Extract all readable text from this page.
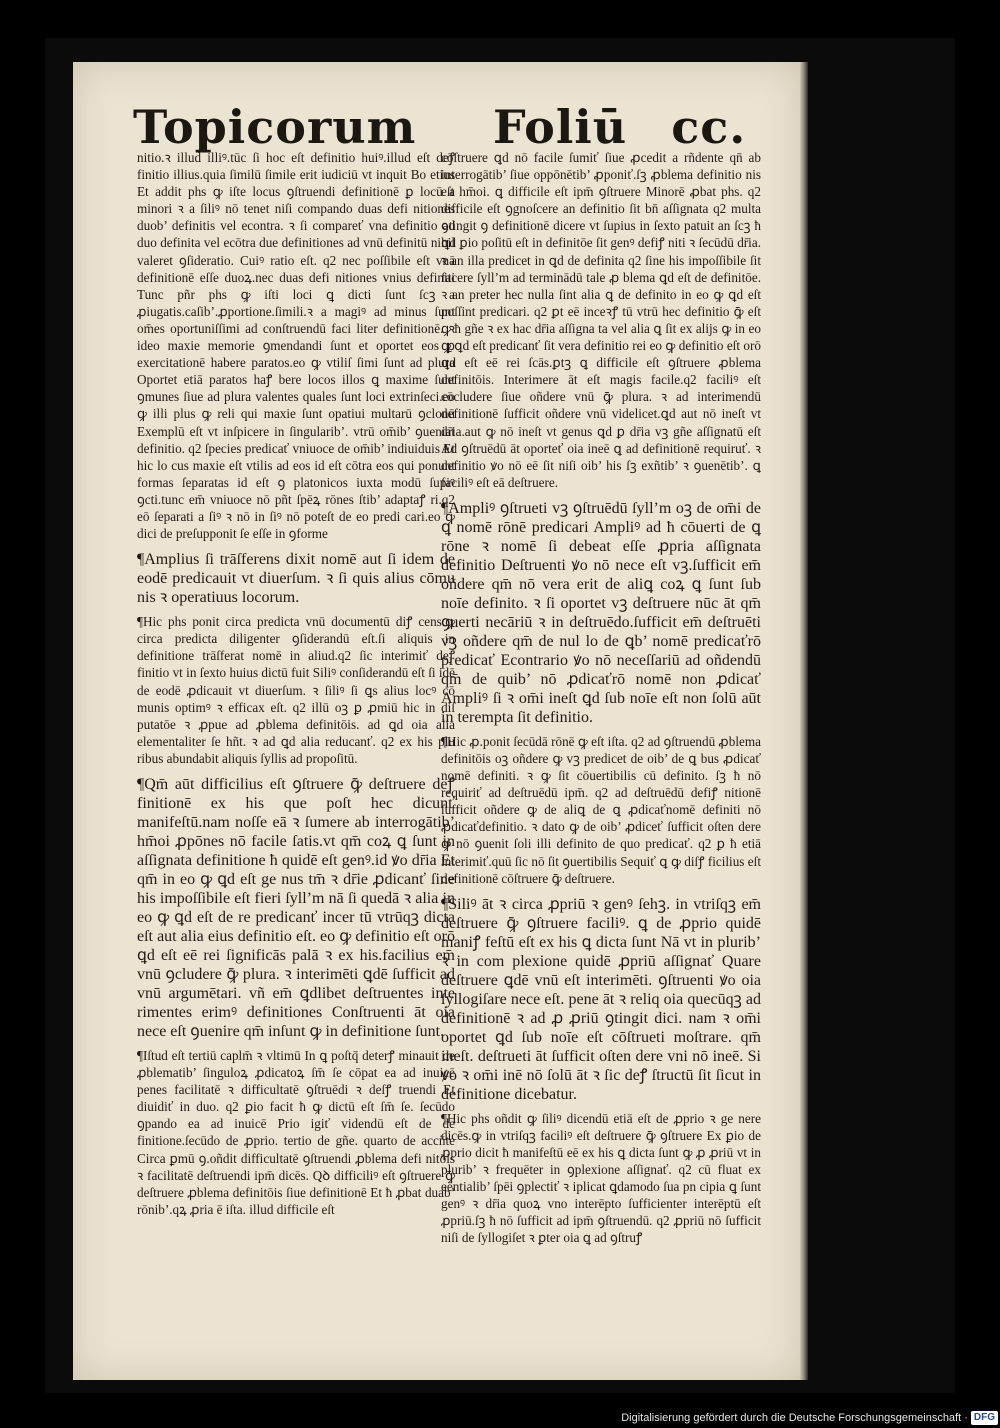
Topicorum Foliū cc.

nitio.ꝛ illud illiꝰ.tūc ſi hoc eſt definitio huiꝰ.illud eſt deꝭ finitio illius.quia ſimilū ſimile erit iudiciū vt inquit Bo etius Et addit phs ꝙ iſte locus ꝯſtruendi definitionē ꝑ locū a minori ꝛ a ſiliꝰ nō tenet niſi compando duas defi nitiones duob’ definitis vel econtra. ꝛ ſi compareť vna definitio ad duo definita vel ecōtra due definitiones ad vnū definitū nihil valeret ꝯſideratio. Cuiꝰ ratio eſt. q2 nec poſſibile eſt vnā definitionē eſſe duoꝝ.nec duas defi nitiones vnius definiti Tunc pñr phs ꝙ iſti loci ꝗ dicti ſunt ſcꝫ a ꝓiugatis.caſib’.ꝓportione.ſimili.ꝛ a magiꝰ ad minus ſunt om̄es oportuniſſimi ad conſtruendū faci liter definitionē. ꝛ ideo maxie memorie ꝯmendandi ſunt et oportet eos ꝑ exercitationē habere paratos.eo ꝙ vtiliſ ſimi ſunt ad plura Oportet etiā paratos haꝭ bere locos illos ꝗ maxime ſunt ꝯmunes ſiue ad plura valentes quales ſunt loci extrinſeci.eo ꝙ illi plus ꝙ reli qui maxie ſunt opatiui multarū ꝯclonū Exemplū eſt vt inſpicere in ſingularib’. vtrū om̄ib’ ꝯueniat definitio. q2 ſpecies predicať vniuoce de om̄ib’ indiuiduis Et hic lo cus maxie eſt vtilis ad eos id eſt cōtra eos qui ponunt formas ſeparatas id eſt ꝯ platonicos iuxta modū ſupiꝰ ꝯcti.tunc em̄ vniuoce nō pñt ſpēꝝ rōnes ſtib’ adaptaꝭ ri.q2 eō ſeparati a ſiꝰ ꝛ nō in ſiꝰ nō poteſt de eo predi cari.eo ꝙ dici de preſupponit ſe eſſe in ꝯforme

¶Amplius ſi trāſferens dixit nomē aut ſi idem de eodē predicauit vt diuerſum. ꝛ ſi quis alius cōmu nis ꝛ operatiuus locorum.

¶Hic phs ponit circa predicta vnū documentū diꝭ cens.ꝙ circa predicta diligenter ꝯſiderandū eſt.ſi aliquis in definitione trāſferat nomē in aliud.q2 ſic interimiť deꝭ finitio vt in ſexto huius dictū fuit Siliꝰ conſiderandū eſt ſi idē de eodē ꝓdicauit vt diuerſum. ꝛ ſiliꝰ ſi ꝗs alius locꝰ cō munis optimꝰ ꝛ efficax eſt. q2 illū oꝫ ꝑ ꝓmiū hic in diſ putatōe ꝛ ꝓpue ad ꝓblema definitōis. ad ꝗd oia alia elementaliter ſe hñt. ꝛ ad ꝗd alia reducanť. q2 ex his plu ribus abundabit aliquis ſyllis ad propoſitū.

¶Qm̄ aūt difficilius eſt ꝯſtruere ꝙ̄ deſtruere deꝭ finitionē ex his que poſt hec dicunť manifeſtū.nam noſſe eā ꝛ ſumere ab interrogātib’ hm̄oi ꝓpōnes nō facile ſatis.vt qm̄ coꝝ ꝗ ſunt in aſſignata definitione ħ quidē eſt genꝰ.id ꝟo dr̄ia Et qm̄ in eo ꝙ ꝗd eſt ge nus tm̄ ꝛ dr̄ie ꝓdicanť ſine his impoſſibile eſt fieri ſyll’m nā ſi quedā ꝛ alia in eo ꝙ ꝗd eſt de re predicanť incer tū vtrūqꝫ dicta eſt aut alia eius definitio eſt. eo ꝙ definitio eſt orō ꝗd eſt eē rei ſignificās palā ꝛ ex his.facilius em̄ vnū ꝯcludere ꝙ̄ plura. ꝛ interimēti ꝗdē ſufficit ad vnū argumētari. vñ em̄ ꝗdlibet deſtruentes inte rimentes erimꝰ definitiones Conſtruenti āt oia nece eſt ꝯuenire qm̄ inſunt ꝙ in definitione ſunt.

¶Iſtud eſt tertiū caplm̄ ꝛ vltimū In ꝗ poſtq̄ deterꝭ minauit de ꝓblematib’ ſinguloꝝ ꝓdicatoꝝ ſm̄ ſe cōpat ea ad inuicē penes facilitatē ꝛ difficultatē ꝯſtruēdi ꝛ deſꝭ truendi Et diuidiť in duo. q2 ꝑio facit ħ ꝙ dictū eſt ſm̄ ſe. ſecūdo ꝯpando ea ad inuicē Prio igiť videndū eſt de de finitione.ſecūdo de ꝓprio. tertio de gñe. quarto de accñte Circa ꝑmū ꝯ.oñdit difficultatē ꝯſtruendi ꝓblema defi nitōis ꝛ facilitatē deſtruendi ipm̄ dicēs. Qꝺ difficiliꝰ eſt ꝯſtruere ꝙ̄ deſtruere ꝓblema definitōis ſiue definitionē Et ħ ꝓbat duab’ rōnib’.qꝝ ꝓria ē iſta. illud difficile eſt

cōſtruere ꝗd nō facile ſumiť ſiue ꝓcedit a rñdente qn̄ ab interrogātib’ ſiue oppōnētib’ ꝓponiť.ſꝫ ꝓblema definitio nis eſt hm̄oi. ꝗ difficile eſt ipm̄ ꝯſtruere Minorē ꝓbat phs. q2 difficile eſt ꝯgnoſcere an definitio ſit bn̄ aſſignata q2 multa ꝯtingit ꝯ definitionē dicere vt ſupius in ſexto patuit an ſcꝫ ħ ꝗd ꝑio poſitū eſt in definitōe ſit genꝰ defiꝭ niti ꝛ ſecūdū dr̄ia. ꝛ an illa predicet in ꝗd de definita q2 ſine his impoſſibile ſit facere ſyll’m ad terminādū tale ꝓ blema ꝗd eſt de definitōe. ꝛ an preter hec nulla ſint alia ꝗ de definito in eo ꝙ ꝗd eſt poſſint predicari. q2 ꝑt eē inceꝛꝭ tū vtrū hec definitio ꝙ̄ eſt ꝙ ħ gñe ꝛ ex hac dr̄ia aſſigna ta vel alia ꝗ ſit ex alijs ꝙ in eo ꝙ ꝗd eſt predicanť ſit vera definitio rei eo ꝙ definitio eſt orō ꝗd eſt eē rei ſcās.ꝑtꝫ ꝗ difficile eſt ꝯſtruere ꝓblema definitōis. Interimere āt eſt magis facile.q2 faciliꝰ eſt cōcludere ſiue oñdere vnū ꝙ̄ plura. ꝛ ad interimendū definitionē ſufficit oñdere vnū videlicet.ꝗd aut nō ineſt vt dr̄ia.aut ꝙ nō ineſt vt genus ꝗd ꝑ dr̄ia vꝫ gñe aſſignatū eſt Ad ꝯſtruēdū āt oporteť oia ineē ꝗ ad definitionē requiruť. ꝛ definitio ꝟo nō eē ſit niſi oib’ his ſꝫ exñtib’ ꝛ ꝯuenētib’. ꝗ faciliꝰ eſt eā deſtruere.

¶Ampliꝰ ꝯſtrueti vꝫ ꝯſtruēdū ſyll’m oꝫ de om̄i de ꝗ nomē rōnē predicari Ampliꝰ ad ħ cōuerti de ꝗ rōne ꝛ nomē ſi debeat eſſe ꝓpria aſſignata definitio Deſtruenti ꝟo nō nece eſt vꝫ.ſufficit em̄ oñdere qm̄ nō vera erit de aliꝗ coꝝ ꝗ ſunt ſub noīe definito. ꝛ ſi oportet vꝫ deſtruere nūc āt qm̄ ꝯuerti necāriū ꝛ in deſtruēdo.ſufficit em̄ deſtruēti vꝫ oñdere qm̄ de nul lo de ꝗb’ nomē predicaťrō predicať Econtrario ꝟo nō neceſſariū ad oñdendū qm̄ de quib’ nō ꝓdicaťrō nomē non ꝓdicať Ampliꝰ ſi ꝛ om̄i ineſt ꝗd ſub noīe eſt non ſolū aūt in terempta ſit definitio.

¶Hic ꝓ.ponit ſecūdā rōnē ꝙ eſt iſta. q2 ad ꝯſtruendū ꝓblema definitōis oꝫ oñdere ꝙ vꝫ predicet de oib’ de ꝗ bus ꝓdicať nomē definiti. ꝛ ꝙ ſit cōuertibilis cū definito. ſꝫ ħ nō requiriť ad deſtruēdū ipm̄. q2 ad deſtruēdū defiꝭ nitionē ſufficit oñdere ꝙ de aliꝗ de ꝗ ꝓdicaťnomē definiti nō ꝓdicaťdefinitio. ꝛ dato ꝙ de oib’ ꝓdiceť ſufficit oſten dere ꝙ nō ꝯuenit ſoli illi definito de quo predicať. q2 ꝑ ħ etiā interimiť.quū ſic nō ſit ꝯuertibilis Sequiť ꝗ ꝙ diſꝭ ficilius eſt definitionē cōſtruere ꝙ̄ deſtruere.

¶Siliꝰ āt ꝛ circa ꝓpriū ꝛ genꝰ ſehꝫ. in vtriſqꝫ em̄ deſtruere ꝙ̄ ꝯſtruere faciliꝰ. ꝗ de ꝓprio quidē maniꝭ feſtū eſt ex his ꝗ dicta ſunt Nā vt in plurib’ ꝛ in com plexione quidē ꝓpriū aſſignať Quare deſtruere ꝗdē vnū eſt interimēti. ꝯſtruenti ꝟo oia ſyllogiſare nece eſt. pene āt ꝛ reliq oia quecūqꝫ ad definitionē ꝛ ad ꝓ ꝓriū ꝯtingit dici. nam ꝛ om̄i oportet ꝗd ſub noīe eſt cōſtrueti moſtrare. qm̄ ineſt. deſtrueti āt ſufficit oſten dere vni nō ineē. Si ꝟo ꝛ om̄i inē nō ſolū āt ꝛ ſic deꝭ ſtructū ſit ſicut in definitione dicebatur.

¶Hic phs oñdit ꝙ ſiliꝰ dicendū etiā eſt de ꝓprio ꝛ ge nere dicēs.ꝙ in vtriſqꝫ faciliꝰ eſt deſtruere ꝙ̄ ꝯſtruere Ex ꝑio de ꝓprio dicit ħ manifeſtū eē ex his ꝗ dicta ſunt ꝙ ꝓ ꝓriū vt in plurib’ ꝛ frequēter in ꝯplexione aſſignať. q2 cū fluat ex eēntialib’ ſpēi ꝯplectiť ꝛ iplicat ꝗdamodo ſua pn cipia ꝗ ſunt genꝰ ꝛ dr̄ia quoꝝ vno interēpto ſufficienter interēptū eſt ꝓpriū.ſꝫ ħ nō ſufficit ad ipm̄ ꝯſtruendū. q2 ꝓpriū nō ſufficit niſi de ſyllogiſet ꝛ ꝑter oia ꝗ ad ꝯſtruꝭ

Digitalisierung gefördert durch die Deutsche Forschungsgemeinschaft · DFG
